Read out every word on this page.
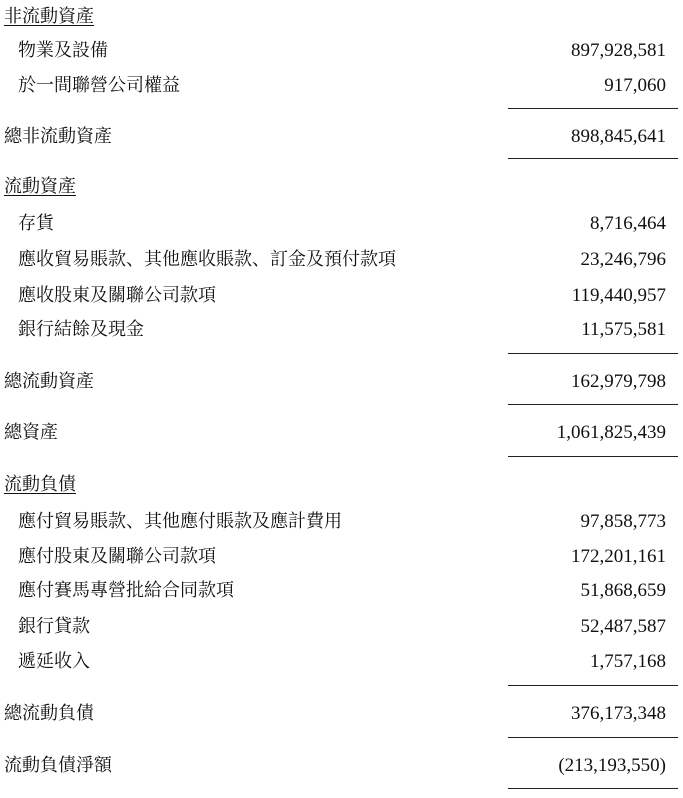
非流動資產
物業及設備	897,928,581
於一間聯營公司權益	917,060
總非流動資產	898,845,641
流動資產
存貨	8,716,464
應收貿易賬款、其他應收賬款、訂金及預付款項	23,246,796
應收股東及關聯公司款項	119,440,957
銀行結餘及現金	11,575,581
總流動資產	162,979,798
總資產	1,061,825,439
流動負債
應付貿易賬款、其他應付賬款及應計費用	97,858,773
應付股東及關聯公司款項	172,201,161
應付賽馬專營批給合同款項	51,868,659
銀行貸款	52,487,587
遞延收入	1,757,168
總流動負債	376,173,348
流動負債淨額	(213,193,550)
